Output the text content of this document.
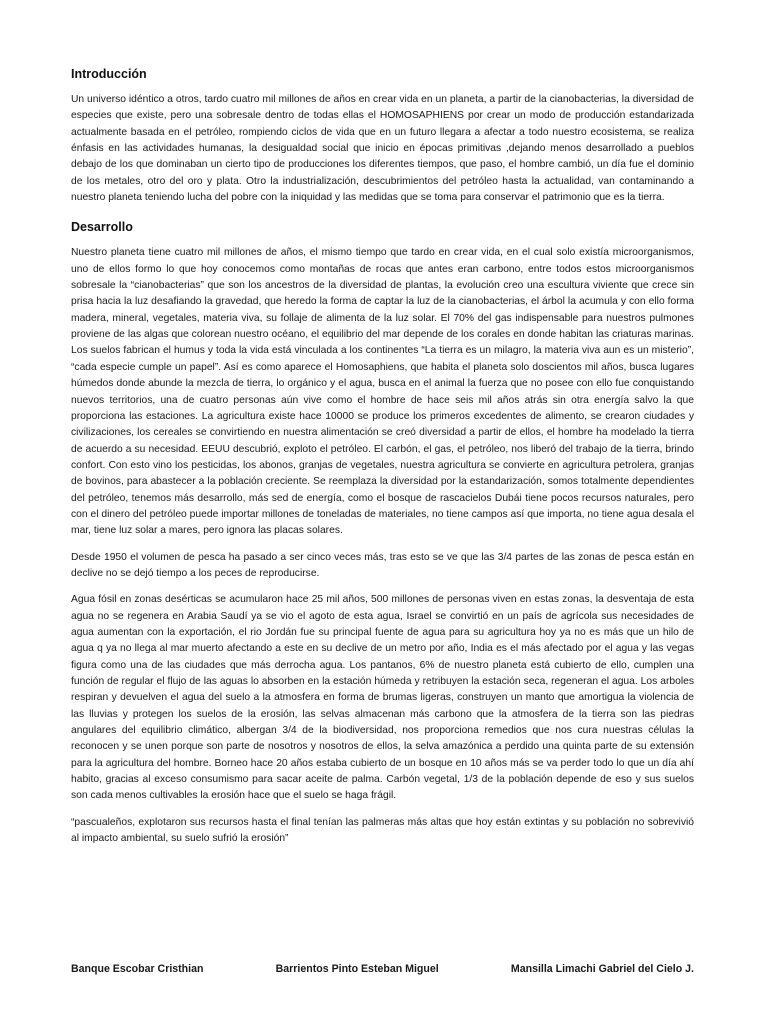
Introducción

Un universo idéntico a otros, tardo cuatro mil millones de años en crear vida en un planeta, a partir de la cianobacterias, la diversidad de especies que existe, pero una sobresale dentro de todas ellas el HOMOSAPHIENS por crear un modo de producción estandarizada actualmente basada en el petróleo, rompiendo ciclos de vida que en un futuro llegara a afectar a todo nuestro ecosistema, se realiza énfasis en las actividades humanas, la desigualdad social que inicio en épocas primitivas ,dejando menos desarrollado a pueblos debajo de los que dominaban un cierto tipo de producciones los diferentes tiempos, que paso, el hombre cambió, un día fue el dominio de los metales, otro del oro y plata. Otro la industrialización, descubrimientos del petróleo hasta la actualidad, van contaminando a nuestro planeta teniendo lucha del pobre con la iniquidad y las medidas que se toma para conservar el patrimonio que es la tierra.

Desarrollo

Nuestro planeta tiene cuatro mil millones de años, el mismo tiempo que tardo en crear vida, en el cual solo existía microorganismos, uno de ellos formo lo que hoy conocemos como montañas de rocas que antes eran carbono, entre todos estos microorganismos sobresale la “cianobacterias” que son los ancestros de la diversidad de plantas, la evolución creo una escultura viviente que crece sin prisa hacia la luz desafiando la gravedad, que heredo la forma de captar la luz de la cianobacterias, el árbol la acumula y con ello forma madera, mineral, vegetales, materia viva, su follaje de alimenta de la luz solar. El 70% del gas indispensable para nuestros pulmones proviene de las algas que colorean nuestro océano, el equilibrio del mar depende de los corales en donde habitan las criaturas marinas. Los suelos fabrican el humus y toda la vida está vinculada a los continentes “La tierra es un milagro, la materia viva aun es un misterio”, “cada especie cumple un papel”. Así es como aparece el Homosaphiens, que habita el planeta solo doscientos mil años, busca lugares húmedos donde abunde la mezcla de tierra, lo orgánico y el agua, busca en el animal la fuerza que no posee con ello fue conquistando nuevos territorios, una de cuatro personas aún vive como el hombre de hace seis mil años atrás sin otra energía salvo la que proporciona las estaciones. La agricultura existe hace 10000 se produce los primeros excedentes de alimento, se crearon ciudades y civilizaciones, los cereales se convirtiendo en nuestra alimentación se creó diversidad a partir de ellos, el hombre ha modelado la tierra de acuerdo a su necesidad. EEUU descubrió, exploto el petróleo. El carbón, el gas, el petróleo, nos liberó del trabajo de la tierra, brindo confort. Con esto vino los pesticidas, los abonos, granjas de vegetales, nuestra agricultura se convierte en agricultura petrolera, granjas de bovinos, para abastecer a la población creciente. Se reemplaza la diversidad por la estandarización, somos totalmente dependientes del petróleo, tenemos más desarrollo, más sed de energía, como el bosque de rascacielos Dubái tiene pocos recursos naturales, pero con el dinero del petróleo puede importar millones de toneladas de materiales, no tiene campos así que importa, no tiene agua desala el mar, tiene luz solar a mares, pero ignora las placas solares.

Desde 1950 el volumen de pesca ha pasado a ser cinco veces más, tras esto se ve que las 3/4 partes de las zonas de pesca están en declive no se dejó tiempo a los peces de reproducirse.

Agua fósil en zonas desérticas se acumularon hace 25 mil años, 500 millones de personas viven en estas zonas, la desventaja de esta agua no se regenera en Arabia Saudí ya se vio el agoto de esta agua, Israel se convirtió en un país de agrícola sus necesidades de agua aumentan con la exportación, el rio Jordán fue su principal fuente de agua para su agricultura hoy ya no es más que un hilo de agua q ya no llega al mar muerto afectando a este en su declive de un metro por año, India es el más afectado por el agua y las vegas figura como una de las ciudades que más derrocha agua. Los pantanos, 6% de nuestro planeta está cubierto de ello, cumplen una función de regular el flujo de las aguas lo absorben en la estación húmeda y retribuyen la estación seca, regeneran el agua. Los arboles respiran y devuelven el agua del suelo a la atmosfera en forma de brumas ligeras, construyen un manto que amortigua la violencia de las lluvias y protegen los suelos de la erosión, las selvas almacenan más carbono que la atmosfera de la tierra son las piedras angulares del equilibrio climático, albergan 3/4 de la biodiversidad, nos proporciona remedios que nos cura nuestras células la reconocen y se unen porque son parte de nosotros y nosotros de ellos, la selva amazónica a perdido una quinta parte de su extensión para la agricultura del hombre. Borneo hace 20 años estaba cubierto de un bosque en 10 años más se va perder todo lo que un día ahí habito, gracias al exceso consumismo para sacar aceite de palma. Carbón vegetal, 1/3 de la población depende de eso y sus suelos son cada menos cultivables la erosión hace que el suelo se haga frágil.

“pascualeños, explotaron sus recursos hasta el final tenían las palmeras más altas que hoy están extintas y su población no sobrevivió al impacto ambiental, su suelo sufrió la erosión”

Banque Escobar Cristhian	Barrientos Pinto Esteban Miguel	Mansilla Limachi Gabriel del Cielo J.
